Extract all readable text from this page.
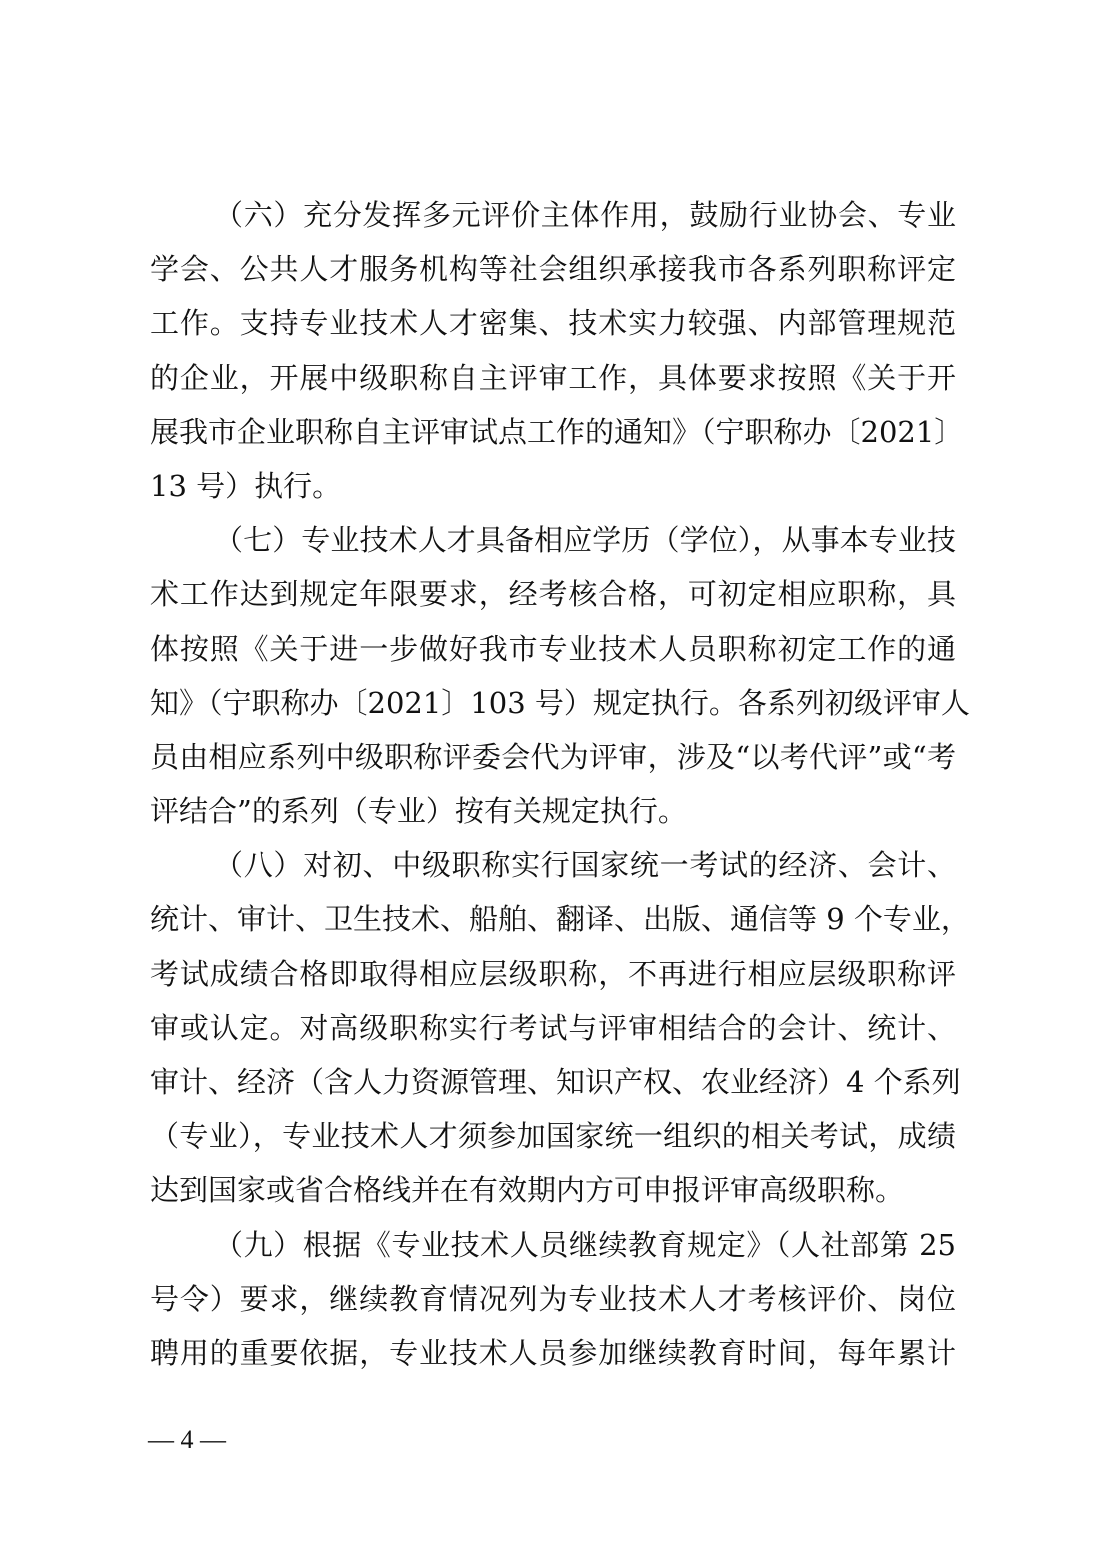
（六）充分发挥多元评价主体作用，鼓励行业协会、专业
学会、公共人才服务机构等社会组织承接我市各系列职称评定
工作。支持专业技术人才密集、技术实力较强、内部管理规范
的企业，开展中级职称自主评审工作，具体要求按照《关于开
展我市企业职称自主评审试点工作的通知》（宁职称办〔2021〕
13 号）执行。
（七）专业技术人才具备相应学历（学位），从事本专业技
术工作达到规定年限要求，经考核合格，可初定相应职称，具
体按照《关于进一步做好我市专业技术人员职称初定工作的通
知》（宁职称办〔2021〕103 号）规定执行。各系列初级评审人
员由相应系列中级职称评委会代为评审，涉及“以考代评”或“考
评结合”的系列（专业）按有关规定执行。
（八）对初、中级职称实行国家统一考试的经济、会计、
统计、审计、卫生技术、船舶、翻译、出版、通信等 9 个专业，
考试成绩合格即取得相应层级职称，不再进行相应层级职称评
审或认定。对高级职称实行考试与评审相结合的会计、统计、
审计、经济（含人力资源管理、知识产权、农业经济）4 个系列
（专业），专业技术人才须参加国家统一组织的相关考试，成绩
达到国家或省合格线并在有效期内方可申报评审高级职称。
（九）根据《专业技术人员继续教育规定》（人社部第 25
号令）要求，继续教育情况列为专业技术人才考核评价、岗位
聘用的重要依据，专业技术人员参加继续教育时间，每年累计
— 4 —
